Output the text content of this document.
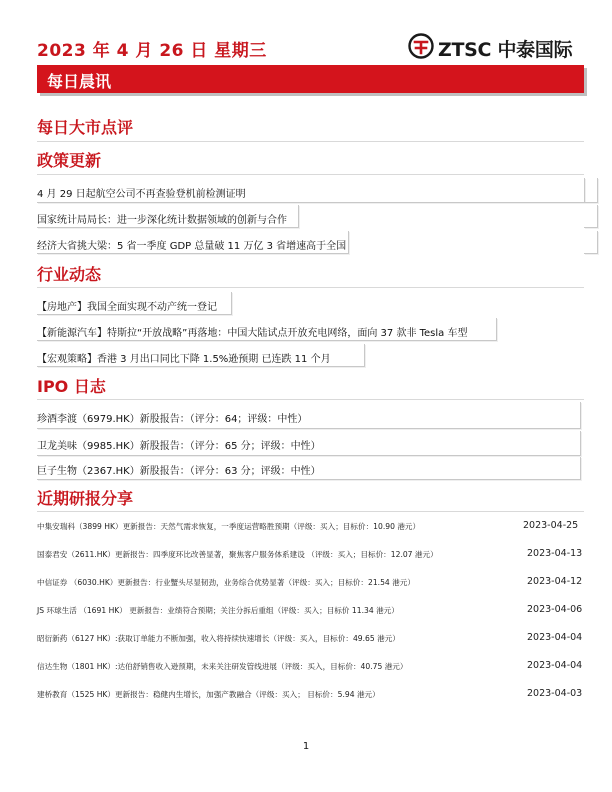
2023 年 4 月 26 日 星期三	ZTSC 中泰国际
每日晨讯
每日大市点评
政策更新
4 月 29 日起航空公司不再查验登机前检测证明
国家统计局局长：进一步深化统计数据领域的创新与合作
经济大省挑大梁：5 省一季度 GDP 总量破 11 万亿 3 省增速高于全国
行业动态
【房地产】我国全面实现不动产统一登记
【新能源汽车】特斯拉“开放战略”再落地：中国大陆试点开放充电网络，面向 37 款非 Tesla 车型
【宏观策略】香港 3 月出口同比下降 1.5%逊预期 已连跌 11 个月
IPO 日志
珍酒李渡（6979.HK）新股报告：（评分：64；评级：中性）
卫龙美味（9985.HK）新股报告：（评分：65 分；评级：中性）
巨子生物（2367.HK）新股报告：（评分：63 分；评级：中性）
近期研报分享
中集安瑞科（3899 HK）更新报告：天然气需求恢复，一季度运营略胜预期（评级：买入；目标价：10.90 港元）	2023-04-25
国泰君安（2611.HK）更新报告：四季度环比改善显著，聚焦客户服务体系建设 （评级：买入；目标价：12.07 港元）	2023-04-13
中信证券 （6030.HK）更新报告：行业蟹头尽显韧劲，业务综合优势显著（评级：买入；目标价：21.54 港元）	2023-04-12
JS 环球生活 （1691 HK） 更新报告：业绩符合预期；关注分拆后重组（评级：买入；目标价 11.34 港元）	2023-04-06
昭衍新药（6127 HK）:获取订单能力不断加强，收入将持续快速增长（评级：买入，目标价：49.65 港元）	2023-04-04
信达生物（1801 HK）:达伯舒销售收入逊预期，未来关注研发管线进展（评级：买入，目标价：40.75 港元）	2023-04-04
建桥教育（1525 HK）更新报告：稳健内生增长，加强产教融合（评级：买入； 目标价：5.94 港元）	2023-04-03
1
